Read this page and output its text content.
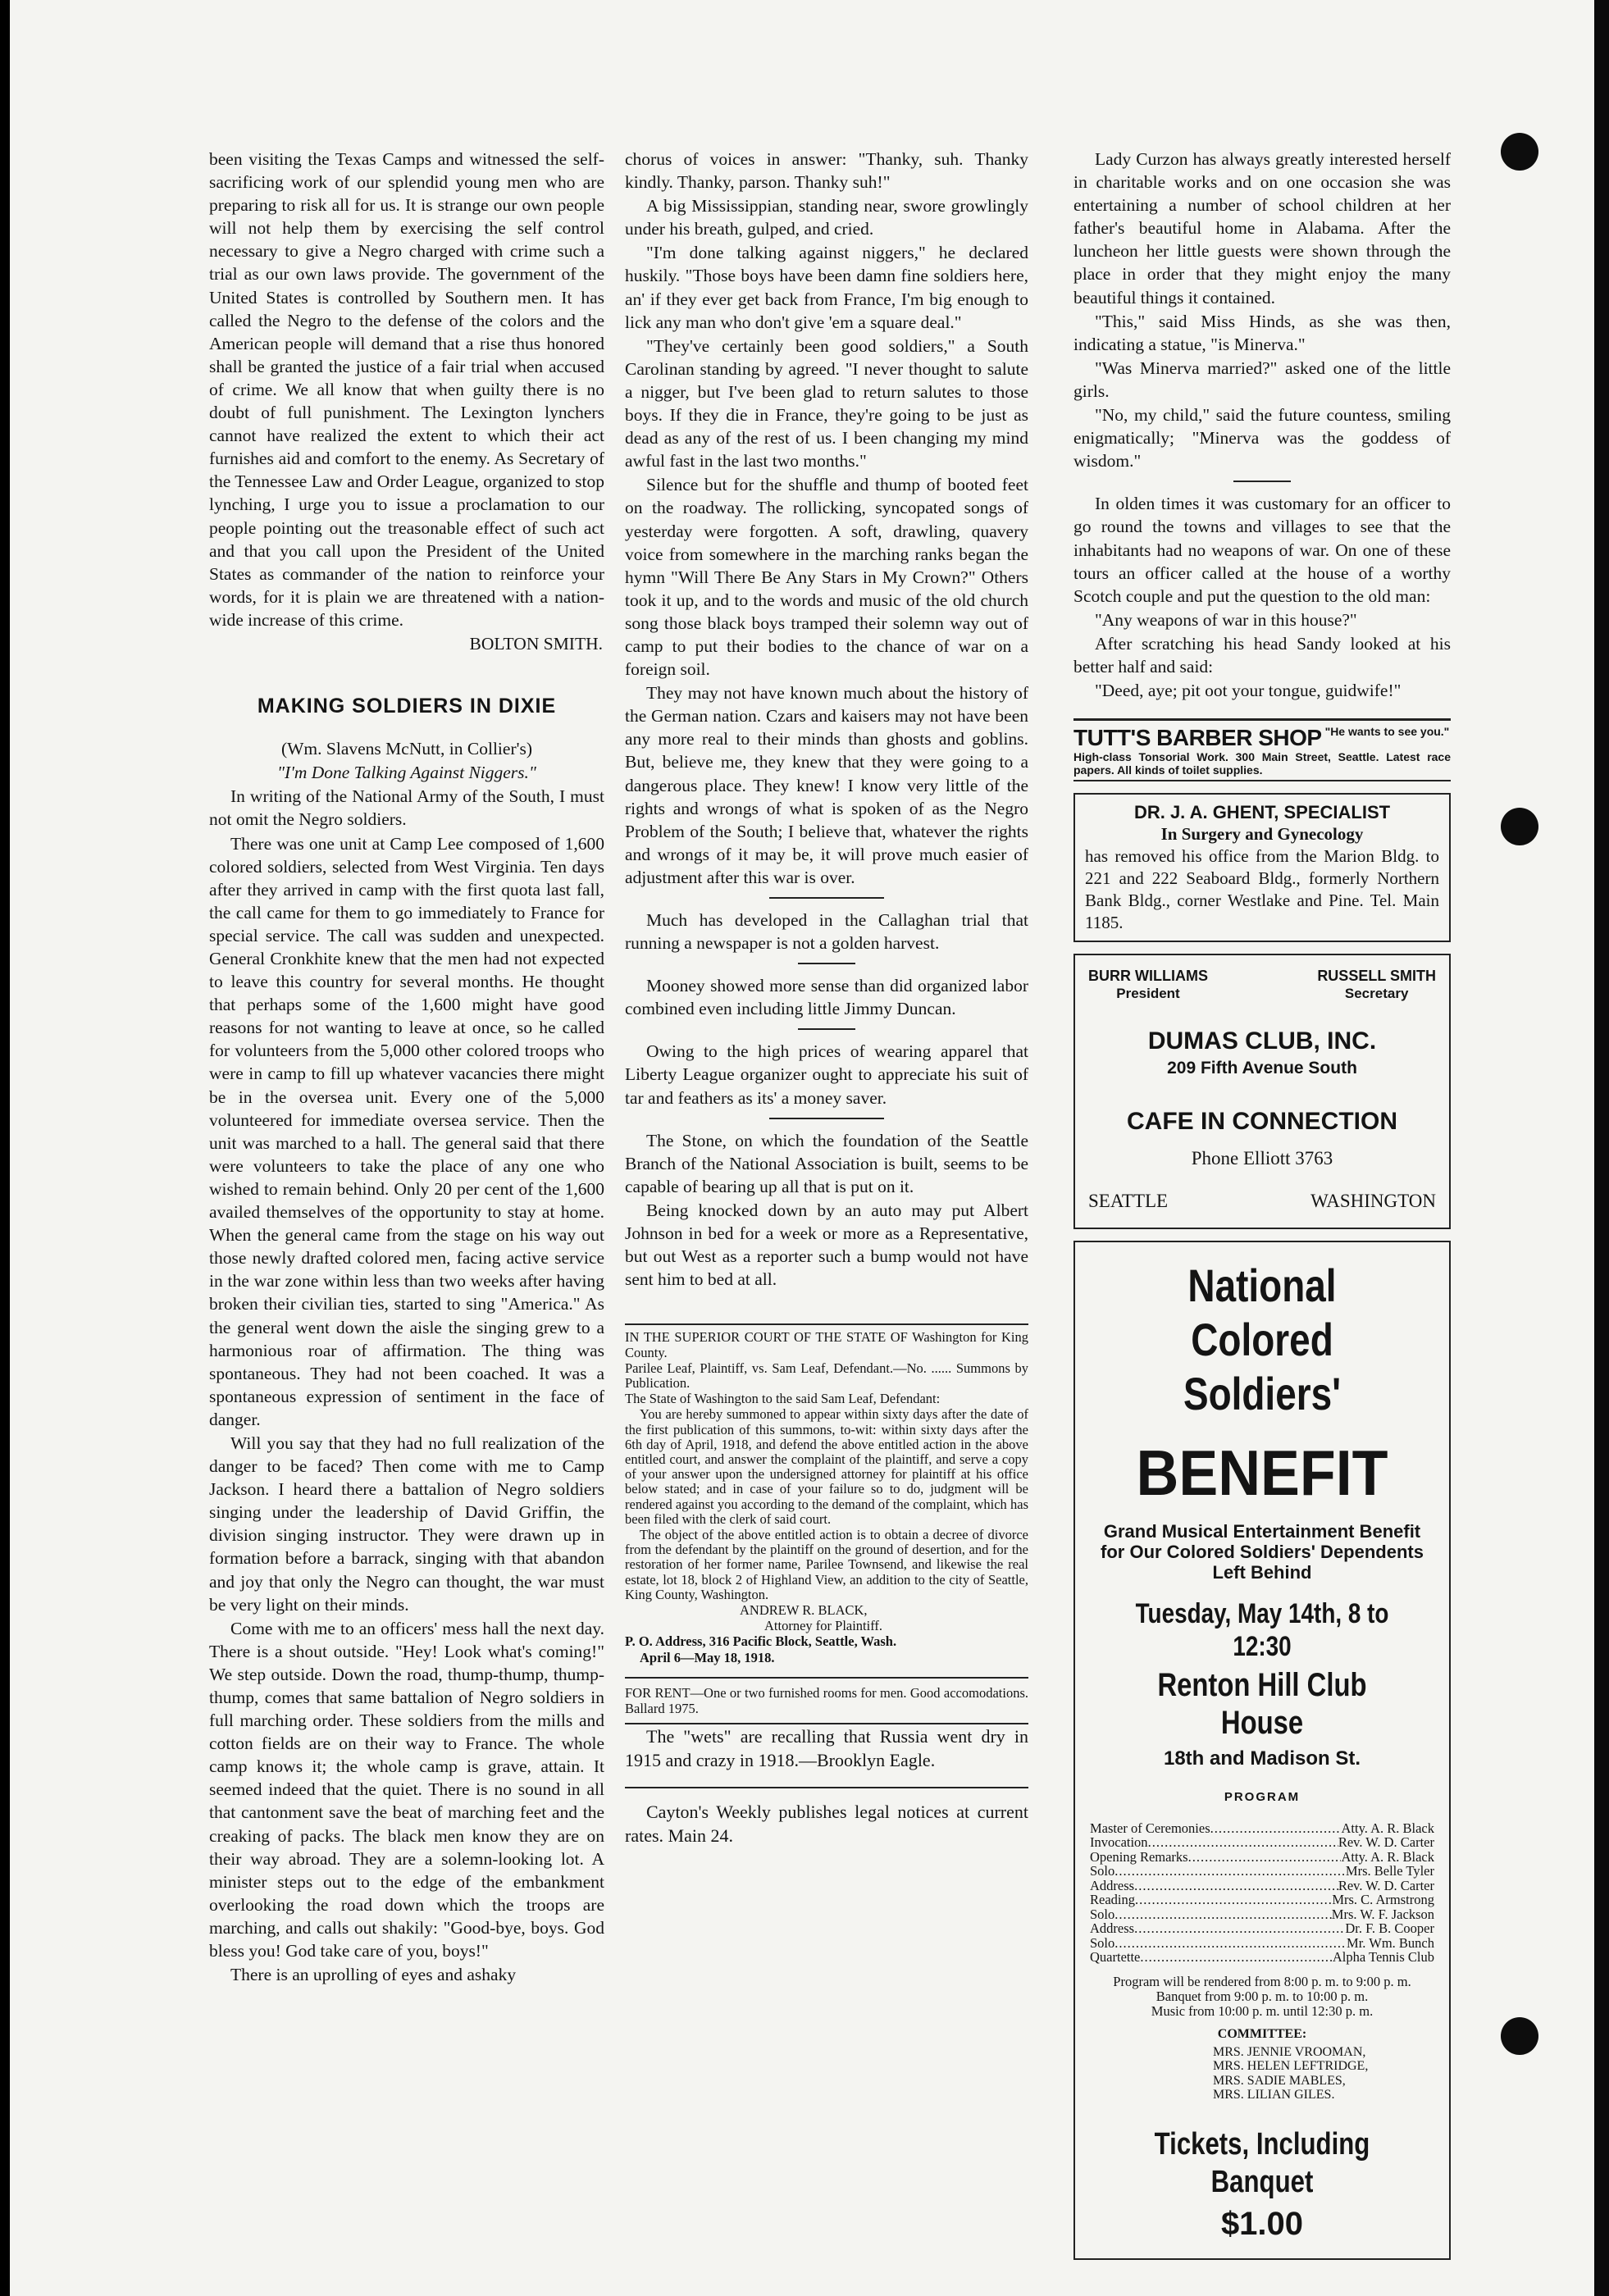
been visiting the Texas Camps and witnessed the self-sacrificing work of our splendid young men who are preparing to risk all for us. It is strange our own people will not help them by exercising the self control necessary to give a Negro charged with crime such a trial as our own laws provide. The government of the United States is controlled by Southern men. It has called the Negro to the defense of the colors and the American people will demand that a rise thus honored shall be granted the justice of a fair trial when accused of crime. We all know that when guilty there is no doubt of full punishment. The Lexington lynchers cannot have realized the extent to which their act furnishes aid and comfort to the enemy. As Secretary of the Tennessee Law and Order League, organized to stop lynching, I urge you to issue a proclamation to our people pointing out the treasonable effect of such act and that you call upon the President of the United States as commander of the nation to reinforce your words, for it is plain we are threatened with a nation-wide increase of this crime.

BOLTON SMITH.

MAKING SOLDIERS IN DIXIE

(Wm. Slavens McNutt, in Collier's)

"I'm Done Talking Against Niggers."

In writing of the National Army of the South, I must not omit the Negro soldiers.

There was one unit at Camp Lee composed of 1,600 colored soldiers, selected from West Virginia. Ten days after they arrived in camp with the first quota last fall, the call came for them to go immediately to France for special service. The call was sudden and unexpected. General Cronkhite knew that the men had not expected to leave this country for several months. He thought that perhaps some of the 1,600 might have good reasons for not wanting to leave at once, so he called for volunteers from the 5,000 other colored troops who were in camp to fill up whatever vacancies there might be in the oversea unit. Every one of the 5,000 volunteered for immediate oversea service. Then the unit was marched to a hall. The general said that there were volunteers to take the place of any one who wished to remain behind. Only 20 per cent of the 1,600 availed themselves of the opportunity to stay at home. When the general came from the stage on his way out those newly drafted colored men, facing active service in the war zone within less than two weeks after having broken their civilian ties, started to sing "America." As the general went down the aisle the singing grew to a harmonious roar of affirmation. The thing was spontaneous. They had not been coached. It was a spontaneous expression of sentiment in the face of danger.

Will you say that they had no full realization of the danger to be faced? Then come with me to Camp Jackson. I heard there a battalion of Negro soldiers singing under the leadership of David Griffin, the division singing instructor. They were drawn up in formation before a barrack, singing with that abandon and joy that only the Negro can thought, the war must be very light on their minds.

Come with me to an officers' mess hall the next day. There is a shout outside. "Hey! Look what's coming!" We step outside. Down the road, thump-thump, thump-thump, comes that same battalion of Negro soldiers in full marching order. These soldiers from the mills and cotton fields are on their way to France. The whole camp knows it; the whole camp is grave, attain. It seemed indeed that the quiet. There is no sound in all that cantonment save the beat of marching feet and the creaking of packs. The black men know they are on their way abroad. They are a solemn-looking lot. A minister steps out to the edge of the embankment overlooking the road down which the troops are marching, and calls out shakily: "Good-bye, boys. God bless you! God take care of you, boys!"

There is an uprolling of eyes and ashaky

chorus of voices in answer: "Thanky, suh. Thanky kindly. Thanky, parson. Thanky suh!"

A big Mississippian, standing near, swore growlingly under his breath, gulped, and cried.

"I'm done talking against niggers," he declared huskily. "Those boys have been damn fine soldiers here, an' if they ever get back from France, I'm big enough to lick any man who don't give 'em a square deal."

"They've certainly been good soldiers," a South Carolinan standing by agreed. "I never thought to salute a nigger, but I've been glad to return salutes to those boys. If they die in France, they're going to be just as dead as any of the rest of us. I been changing my mind awful fast in the last two months."

Silence but for the shuffle and thump of booted feet on the roadway. The rollicking, syncopated songs of yesterday were forgotten. A soft, drawling, quavery voice from somewhere in the marching ranks began the hymn "Will There Be Any Stars in My Crown?" Others took it up, and to the words and music of the old church song those black boys tramped their solemn way out of camp to put their bodies to the chance of war on a foreign soil.

They may not have known much about the history of the German nation. Czars and kaisers may not have been any more real to their minds than ghosts and goblins. But, believe me, they knew that they were going to a dangerous place. They knew! I know very little of the rights and wrongs of what is spoken of as the Negro Problem of the South; I believe that, whatever the rights and wrongs of it may be, it will prove much easier of adjustment after this war is over.

Much has developed in the Callaghan trial that running a newspaper is not a golden harvest.

Mooney showed more sense than did organized labor combined even including little Jimmy Duncan.

Owing to the high prices of wearing apparel that Liberty League organizer ought to appreciate his suit of tar and feathers as its' a money saver.

The Stone, on which the foundation of the Seattle Branch of the National Association is built, seems to be capable of bearing up all that is put on it.

Being knocked down by an auto may put Albert Johnson in bed for a week or more as a Representative, but out West as a reporter such a bump would not have sent him to bed at all.

IN THE SUPERIOR COURT OF THE STATE OF Washington for King County.

Parilee Leaf, Plaintiff, vs. Sam Leaf, Defendant.—No. ...... Summons by Publication.

The State of Washington to the said Sam Leaf, Defendant:

You are hereby summoned to appear within sixty days after the date of the first publication of this summons, to-wit: within sixty days after the 6th day of April, 1918, and defend the above entitled action in the above entitled court, and answer the complaint of the plaintiff, and serve a copy of your answer upon the undersigned attorney for plaintiff at his office below stated; and in case of your failure so to do, judgment will be rendered against you according to the demand of the complaint, which has been filed with the clerk of said court.

The object of the above entitled action is to obtain a decree of divorce from the defendant by the plaintiff on the ground of desertion, and for the restoration of her former name, Parilee Townsend, and likewise the real estate, lot 18, block 2 of Highland View, an addition to the city of Seattle, King County, Washington.

ANDREW R. BLACK,

Attorney for Plaintiff.

P. O. Address, 316 Pacific Block, Seattle, Wash.

April 6—May 18, 1918.

FOR RENT—One or two furnished rooms for men. Good accomodations. Ballard 1975.

The "wets" are recalling that Russia went dry in 1915 and crazy in 1918.—Brooklyn Eagle.

Cayton's Weekly publishes legal notices at current rates. Main 24.

Lady Curzon has always greatly interested herself in charitable works and on one occasion she was entertaining a number of school children at her father's beautiful home in Alabama. After the luncheon her little guests were shown through the place in order that they might enjoy the many beautiful things it contained.

"This," said Miss Hinds, as she was then, indicating a statue, "is Minerva."

"Was Minerva married?" asked one of the little girls.

"No, my child," said the future countess, smiling enigmatically; "Minerva was the goddess of wisdom."

In olden times it was customary for an officer to go round the towns and villages to see that the inhabitants had no weapons of war. On one of these tours an officer called at the house of a worthy Scotch couple and put the question to the old man:

"Any weapons of war in this house?"

After scratching his head Sandy looked at his better half and said:

"Deed, aye; pit oot your tongue, guidwife!"

TUTT'S BARBER SHOP "He wants to see you."
High-class Tonsorial Work. 300 Main Street, Seattle. Latest race papers. All kinds of toilet supplies.
DR. J. A. GHENT, SPECIALIST
In Surgery and Gynecology
has removed his office from the Marion Bldg. to 221 and 222 Seaboard Bldg., formerly Northern Bank Bldg., corner Westlake and Pine. Tel. Main 1185.
BURR WILLIAMS
President
RUSSELL SMITH
Secretary
DUMAS CLUB, INC.
209 Fifth Avenue South
CAFE IN CONNECTION
Phone Elliott 3763
SEATTLE	WASHINGTON
National Colored
Soldiers'
BENEFIT
Grand Musical Entertainment Benefit for Our Colored Soldiers' Dependents Left Behind
Tuesday, May 14th, 8 to 12:30
Renton Hill Club House
18th and Madison St.
PROGRAM
Master of Ceremonies .....	Atty. A. R. Black
Invocation .....	Rev. W. D. Carter
Opening Remarks .....	Atty. A. R. Black
Solo .....	Mrs. Belle Tyler
Address .....	Rev. W. D. Carter
Reading .....	Mrs. C. Armstrong
Solo .....	Mrs. W. F. Jackson
Address .....	Dr. F. B. Cooper
Solo .....	Mr. Wm. Bunch
Quartette .....	Alpha Tennis Club
Program will be rendered from 8:00 p. m. to 9:00 p. m.
Banquet from 9:00 p. m. to 10:00 p. m.
Music from 10:00 p. m. until 12:30 p. m.
COMMITTEE:
MRS. JENNIE VROOMAN,
MRS. HELEN LEFTRIDGE,
MRS. SADIE MABLES,
MRS. LILIAN GILES.
Tickets, Including Banquet
$1.00
